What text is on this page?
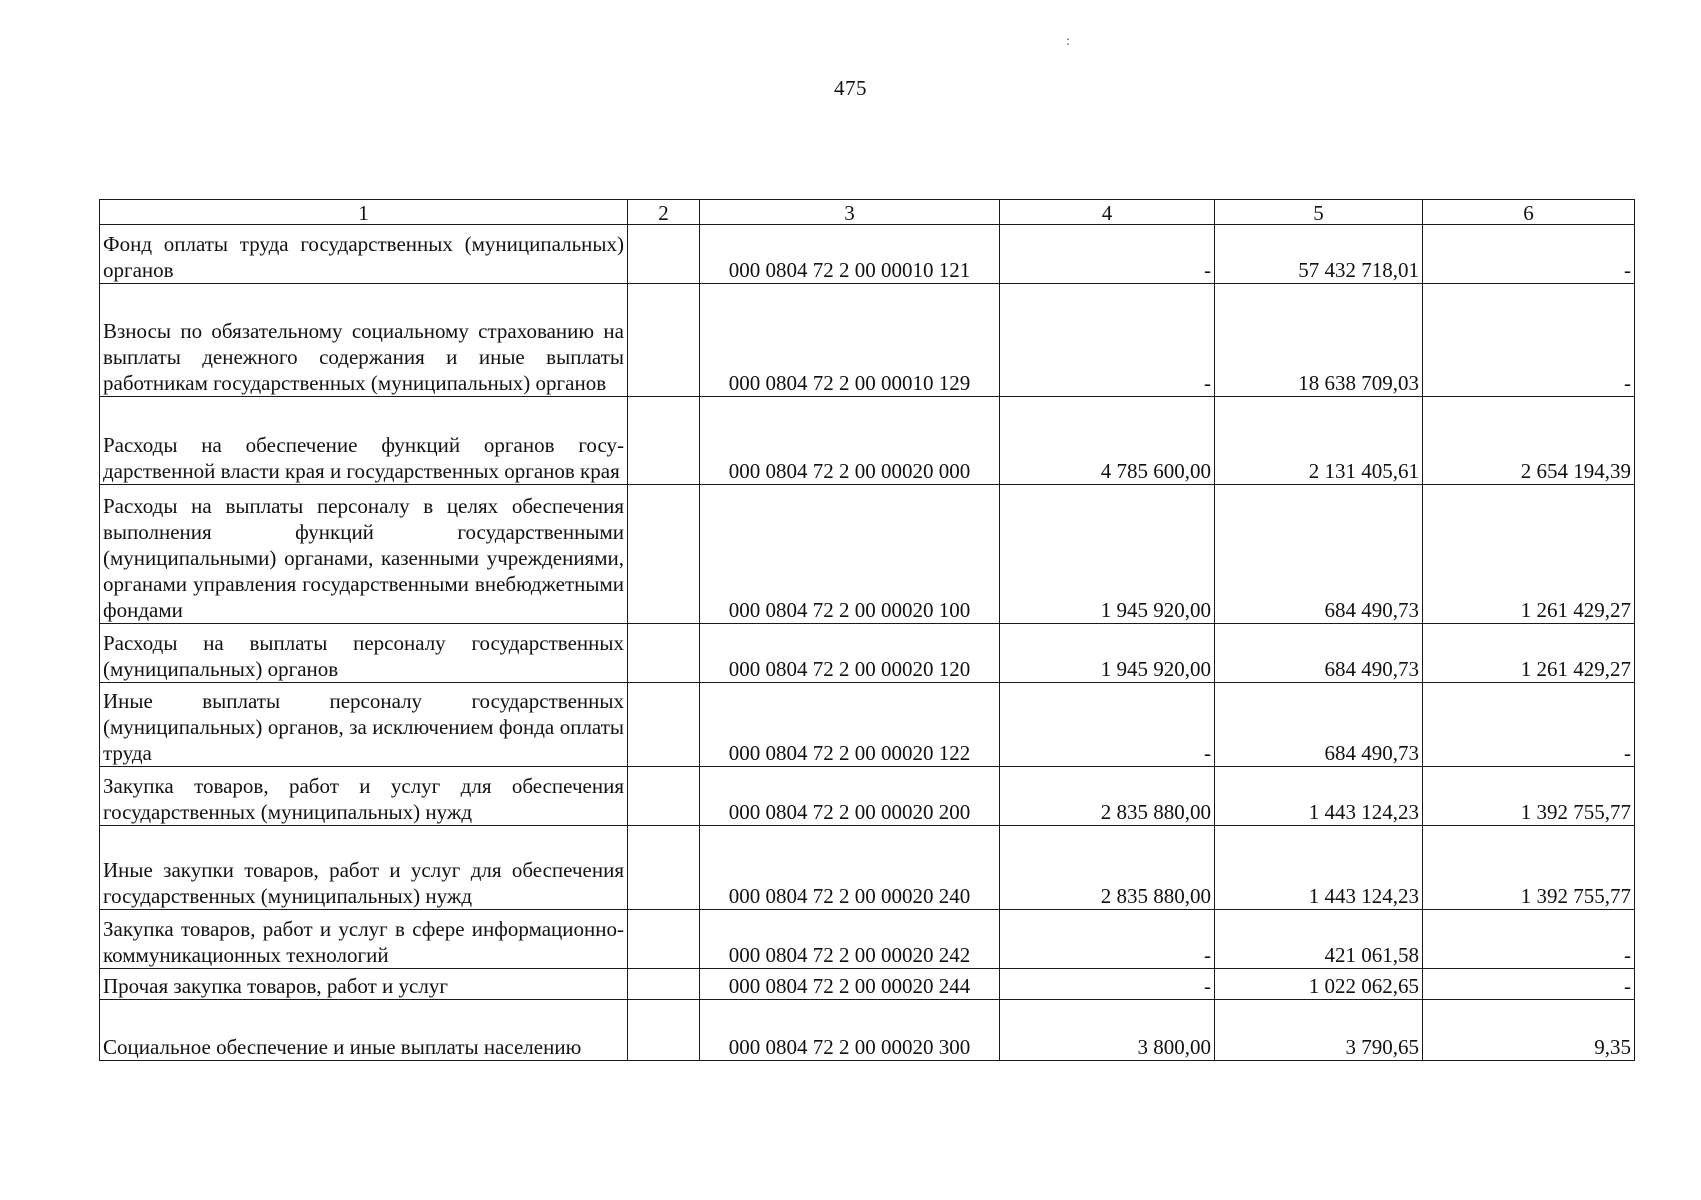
:
475
1	2	3	4	5	6
Фонд оплаты труда государственных (муниципальных) органов		000 0804 72 2 00 00010 121	-	57 432 718,01	-
Взносы по обязательному социальному страхованию на выплаты денежного содержания и иные выплаты работникам государственных (муниципальных) органов		000 0804 72 2 00 00010 129	-	18 638 709,03	-
Расходы на обеспечение функций органов государственной власти края и государственных органов края		000 0804 72 2 00 00020 000	4 785 600,00	2 131 405,61	2 654 194,39
Расходы на выплаты персоналу в целях обеспечения выполнения функций государственными (муниципальными) органами, казенными учреждениями, органами управления государственными внебюджетными фондами		000 0804 72 2 00 00020 100	1 945 920,00	684 490,73	1 261 429,27
Расходы на выплаты персоналу государственных (муниципальных) органов		000 0804 72 2 00 00020 120	1 945 920,00	684 490,73	1 261 429,27
Иные выплаты персоналу государственных (муниципальных) органов, за исключением фонда оплаты труда		000 0804 72 2 00 00020 122	-	684 490,73	-
Закупка товаров, работ и услуг для обеспечения государственных (муниципальных) нужд		000 0804 72 2 00 00020 200	2 835 880,00	1 443 124,23	1 392 755,77
Иные закупки товаров, работ и услуг для обеспечения государственных (муниципальных) нужд		000 0804 72 2 00 00020 240	2 835 880,00	1 443 124,23	1 392 755,77
Закупка товаров, работ и услуг в сфере информационно-коммуникационных технологий		000 0804 72 2 00 00020 242	-	421 061,58	-
Прочая закупка товаров, работ и услуг		000 0804 72 2 00 00020 244	-	1 022 062,65	-
Социальное обеспечение и иные выплаты населению		000 0804 72 2 00 00020 300	3 800,00	3 790,65	9,35
